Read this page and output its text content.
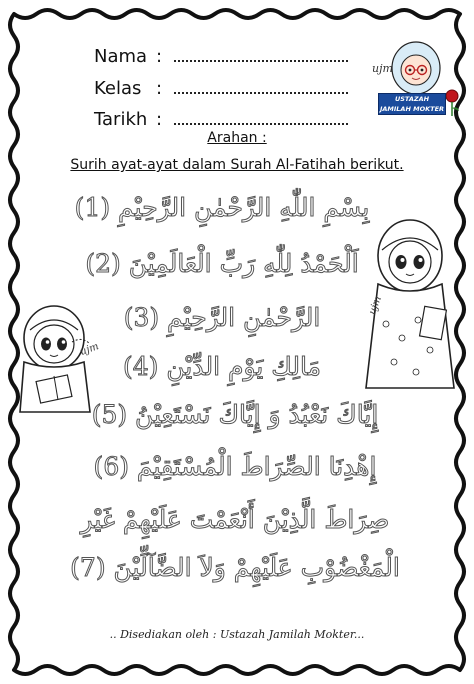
Nama :
Kelas :
Tarikh :
ujm
USTAZAH
JAMILAH MOKTER
Arahan :
Surih ayat-ayat dalam Surah Al-Fatihah berikut.
بِسْمِ اللّٰهِ الرَّحْمٰنِ الرَّحِيْمِ (1)
اَلْحَمْدُ لِلّٰهِ رَبِّ الْعَالَمِيْنَ (2)
الرَّحْمٰنِ الرَّحِيْمِ (3)
مَالِكِ يَوْمِ الدِّيْنِ (4)
إِيَّاكَ نَعْبُدُ وَ إِيَّاكَ نَسْتَعِيْنُ (5)
إِهْدِنَا الصِّرَاطَ الْمُسْتَقِيْمَ (6)
صِرَاطَ الَّذِيْنَ أَنْعَمْتَ عَلَيْهِمْ غَيْرِ
الْمَغْضُوْبِ عَلَيْهِمْ وَلاَ الضَّآلِّيْنَ (7)
ujm
ujm
.. Disediakan oleh : Ustazah Jamilah Mokter...
